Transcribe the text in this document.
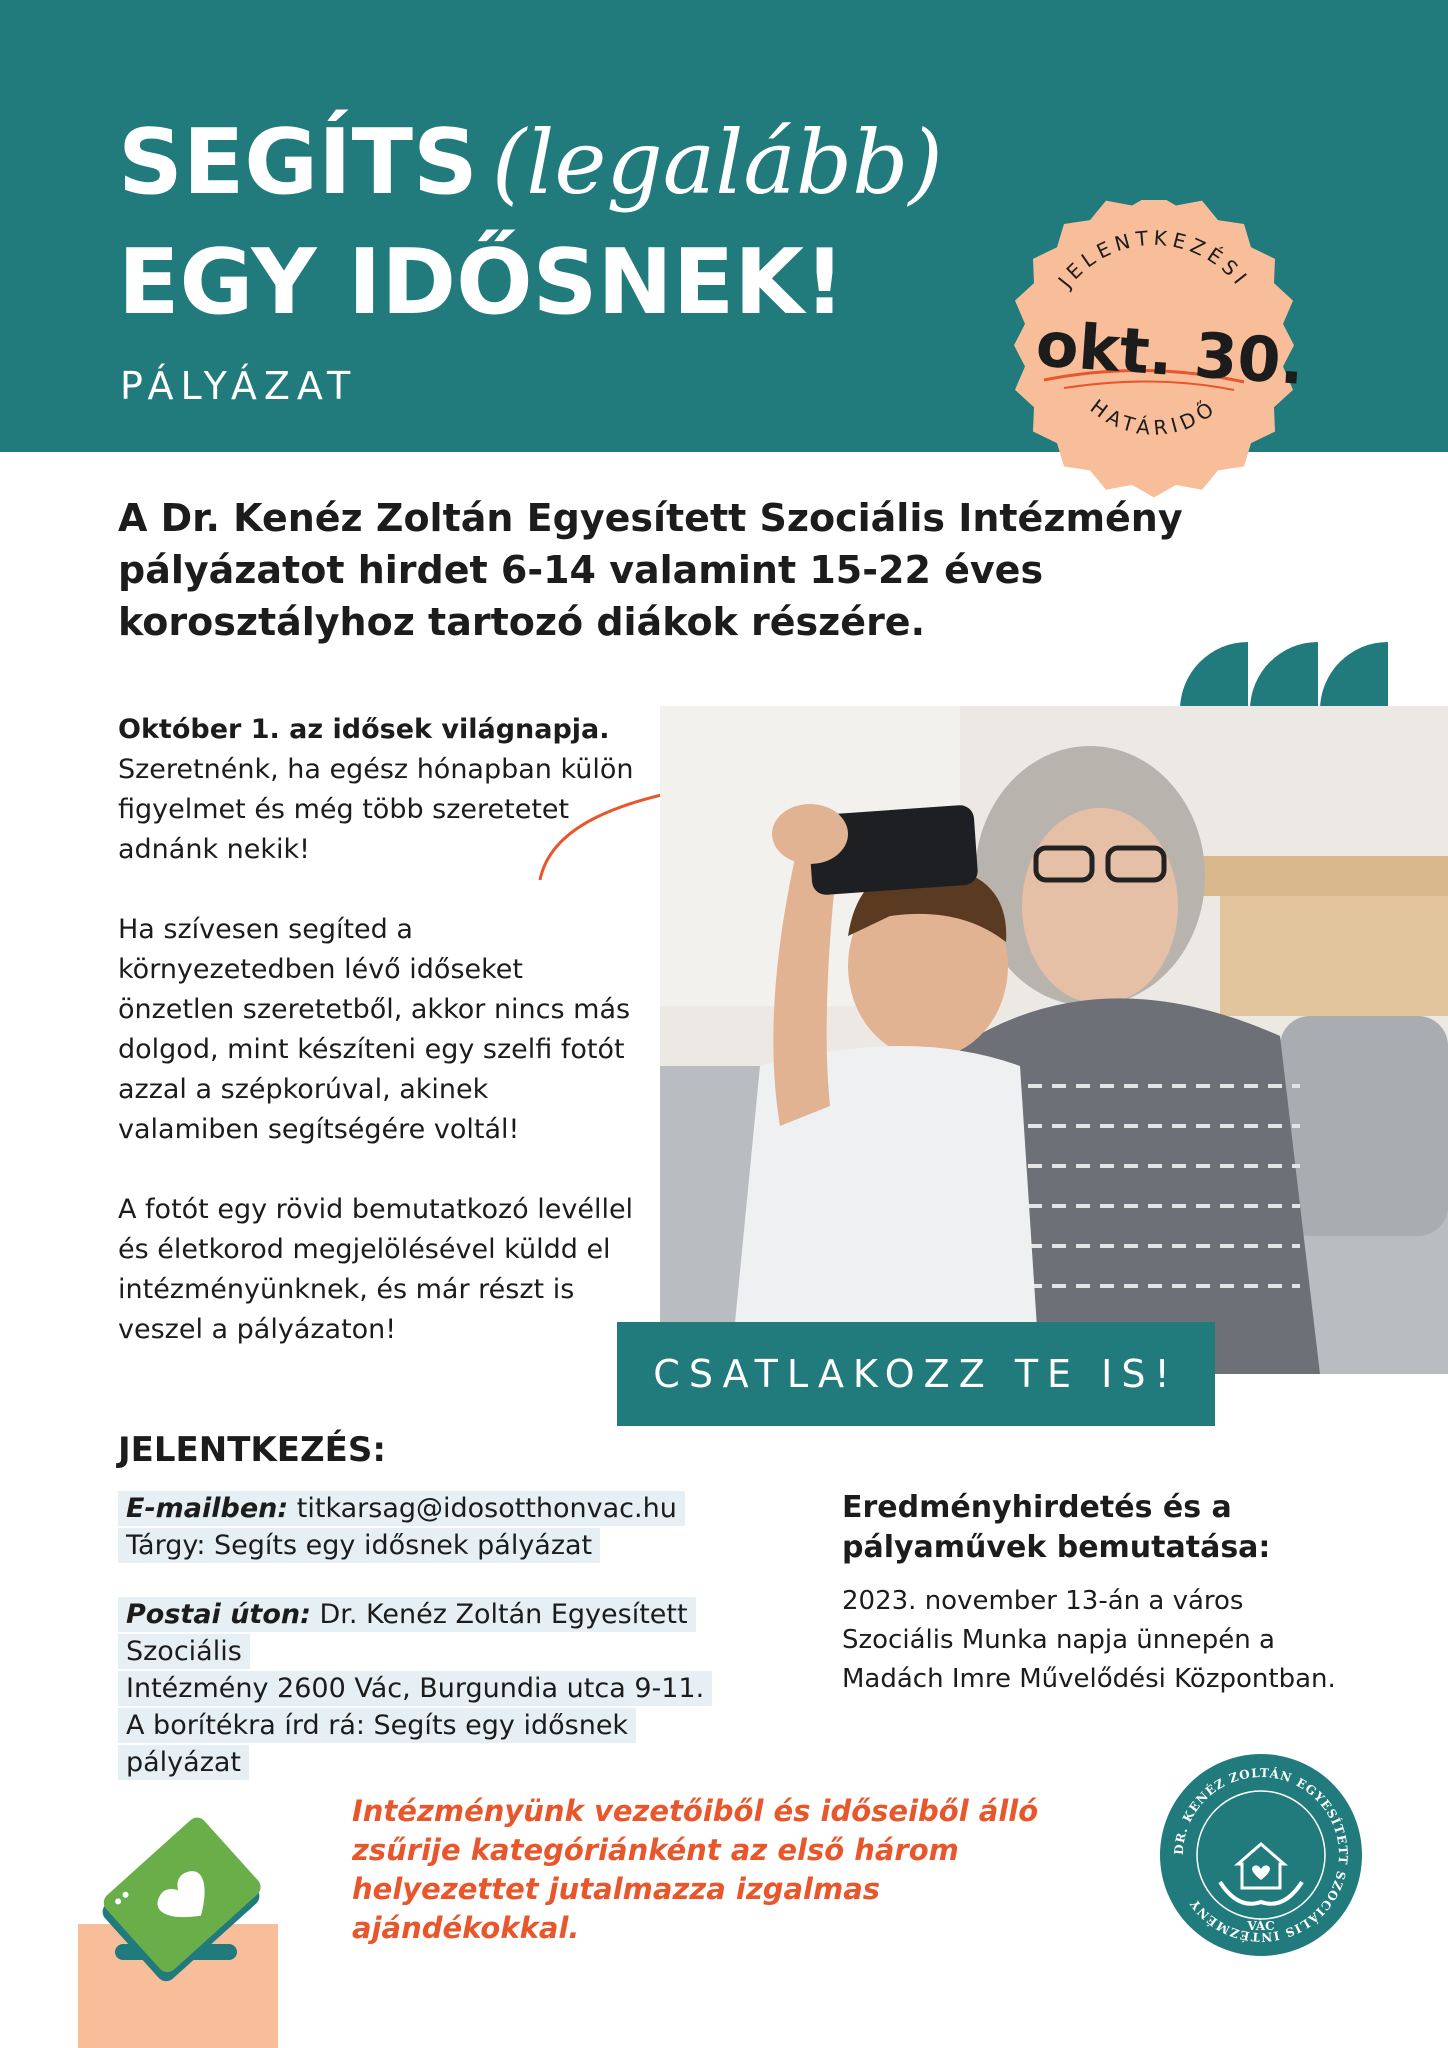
SEGÍTS (legalább)
EGY IDŐSNEK!
PÁLYÁZAT
JELENTKEZÉSI
HATÁRIDŐ
okt. 30.
A Dr. Kenéz Zoltán Egyesített Szociális Intézmény pályázatot hirdet 6-14 valamint 15-22 éves korosztályhoz tartozó diákok részére.
Október 1. az idősek világnapja.
Szeretnénk, ha egész hónapban külön figyelmet és még több szeretetet adnánk nekik!
Ha szívesen segíted a környezetedben lévő időseket önzetlen szeretetből, akkor nincs más dolgod, mint készíteni egy szelfi fotót azzal a szépkorúval, akinek valamiben segítségére voltál!
A fotót egy rövid bemutatkozó levéllel és életkorod megjelölésével küldd el intézményünknek, és már részt is veszel a pályázaton!
CSATLAKOZZ TE IS!
JELENTKEZÉS:
E-mailben: titkarsag@idosotthonvac.hu
Tárgy: Segíts egy idősnek pályázat
Postai úton: Dr. Kenéz Zoltán Egyesített Szociális
Intézmény 2600 Vác, Burgundia utca 9-11.
A borítékra írd rá: Segíts egy idősnek pályázat
Eredményhirdetés és a pályaművek bemutatása:
2023. november 13-án a város Szociális Munka napja ünnepén a Madách Imre Művelődési Központban.
Intézményünk vezetőiből és időseiből álló zsűrije kategóriánként az első három helyezettet jutalmazza izgalmas ajándékokkal.
DR. KENÉZ ZOLTÁN EGYESÍTETT SZOCIÁLIS INTÉZMÉNY
VÁC
